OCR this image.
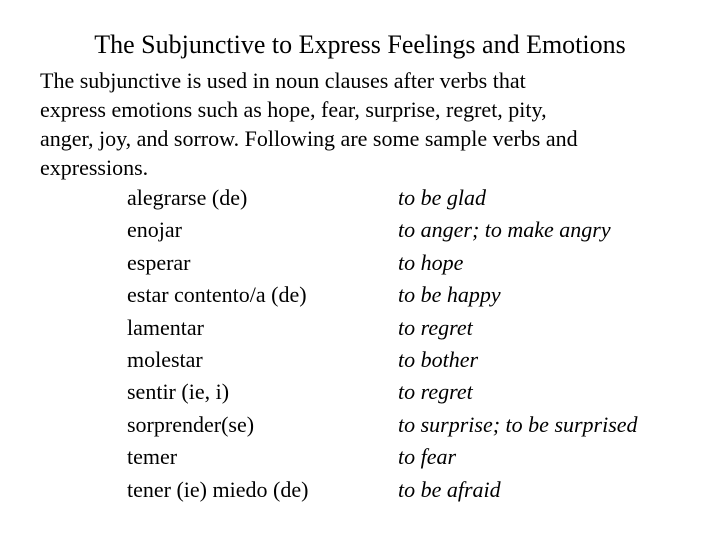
The Subjunctive to Express Feelings and Emotions

The subjunctive is used in noun clauses after verbs that
express emotions such as hope, fear, surprise, regret, pity,
anger, joy, and sorrow. Following are some sample verbs and
expressions.

alegrarse (de)	to be glad
enojar	to anger; to make angry
esperar	to hope
estar contento/a (de)	to be happy
lamentar	to regret
molestar	to bother
sentir (ie, i)	to regret
sorprender(se)	to surprise; to be surprised
temer	to fear
tener (ie) miedo (de)	to be afraid
